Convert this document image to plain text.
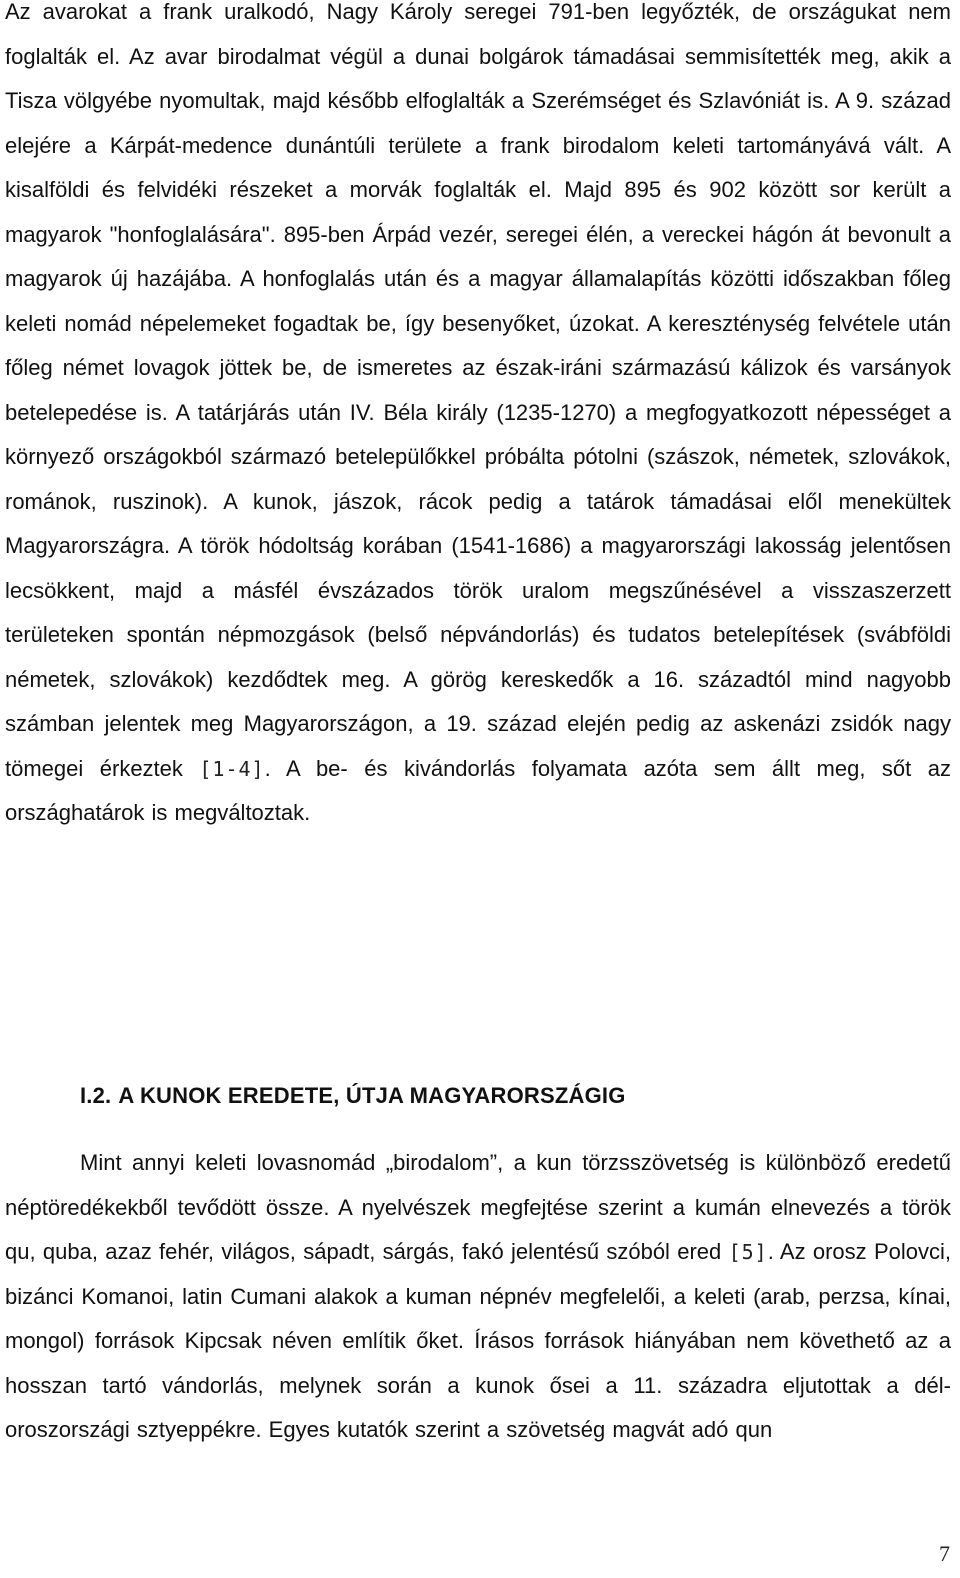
Az avarokat a frank uralkodó, Nagy Károly seregei 791-ben legyőzték, de országukat nem foglalták el. Az avar birodalmat végül a dunai bolgárok támadásai semmisítették meg, akik a Tisza völgyébe nyomultak, majd később elfoglalták a Szerémséget és Szlavóniát is. A 9. század elejére a Kárpát-medence dunántúli területe a frank birodalom keleti tartományává vált. A kisalföldi és felvidéki részeket a morvák foglalták el. Majd 895 és 902 között sor került a magyarok "honfoglalására". 895-ben Árpád vezér, seregei élén, a vereckei hágón át bevonult a magyarok új hazájába. A honfoglalás után és a magyar államalapítás közötti időszakban főleg keleti nomád népelemeket fogadtak be, így besenyőket, úzokat. A kereszténység felvétele után főleg német lovagok jöttek be, de ismeretes az észak-iráni származású kálizok és varsányok betelepedése is. A tatárjárás után IV. Béla király (1235-1270) a megfogyatkozott népességet a környező országokból származó betelepülőkkel próbálta pótolni (szászok, németek, szlovákok, románok, ruszinok). A kunok, jászok, rácok pedig a tatárok támadásai elől menekültek Magyarországra. A török hódoltság korában (1541-1686) a magyarországi lakosság jelentősen lecsökkent, majd a másfél évszázados török uralom megszűnésével a visszaszerzett területeken spontán népmozgások (belső népvándorlás) és tudatos betelepítések (svábföldi németek, szlovákok) kezdődtek meg. A görög kereskedők a 16. századtól mind nagyobb számban jelentek meg Magyarországon, a 19. század elején pedig az askenázi zsidók nagy tömegei érkeztek [1-4]. A be- és kivándorlás folyamata azóta sem állt meg, sőt az országhatárok is megváltoztak.

I.2. A KUNOK EREDETE, ÚTJA MAGYARORSZÁGIG

Mint annyi keleti lovasnomád „birodalom”, a kun törzsszövetség is különböző eredetű néptöredékekből tevődött össze. A nyelvészek megfejtése szerint a kumán elnevezés a török qu, quba, azaz fehér, világos, sápadt, sárgás, fakó jelentésű szóból ered [5]. Az orosz Polovci, bizánci Komanoi, latin Cumani alakok a kuman népnév megfelelői, a keleti (arab, perzsa, kínai, mongol) források Kipcsak néven említik őket. Írásos források hiányában nem követhető az a hosszan tartó vándorlás, melynek során a kunok ősei a 11. századra eljutottak a dél-oroszországi sztyeppékre. Egyes kutatók szerint a szövetség magvát adó qun

7
